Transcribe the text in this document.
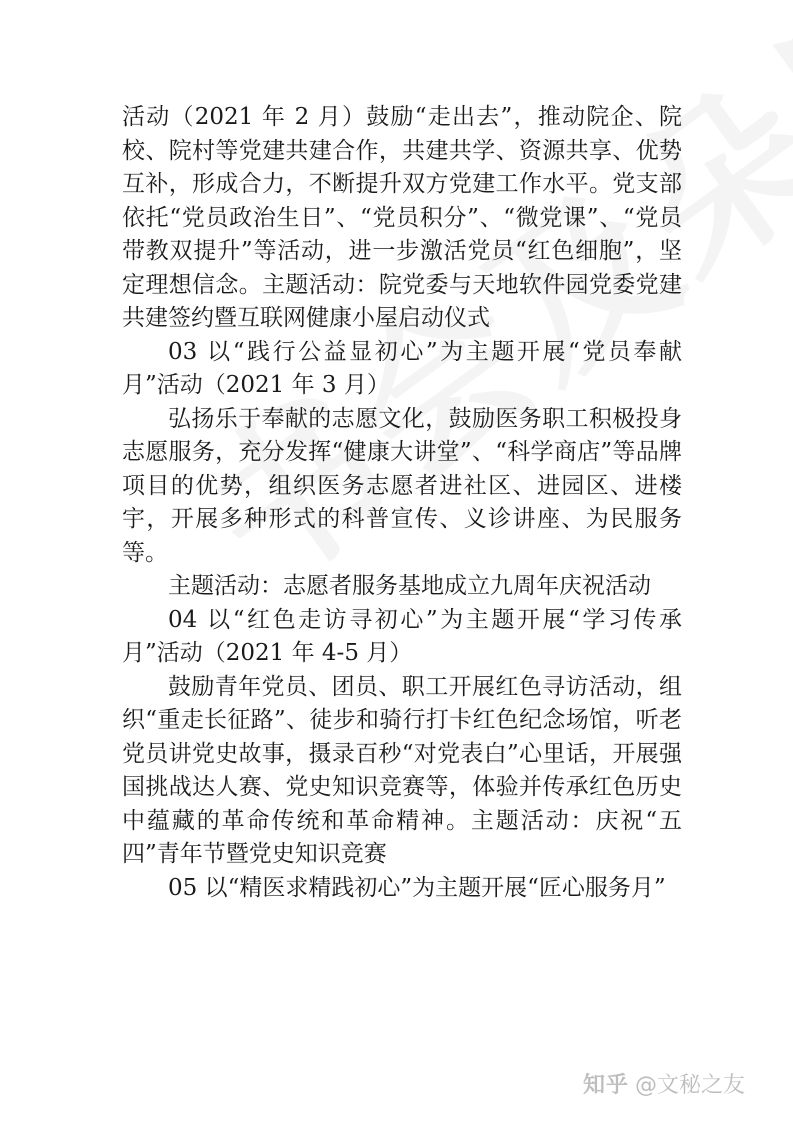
活动（2021 年 2 月）鼓励“走出去”，推动院企、院校、院村等党建共建合作，共建共学、资源共享、优势互补，形成合力，不断提升双方党建工作水平。党支部依托“党员政治生日”、“党员积分”、“微党课”、“党员带教双提升”等活动，进一步激活党员“红色细胞”，坚定理想信念。主题活动：院党委与天地软件园党委党建共建签约暨互联网健康小屋启动仪式

03 以“践行公益显初心”为主题开展“党员奉献月”活动（2021 年 3 月）

弘扬乐于奉献的志愿文化，鼓励医务职工积极投身志愿服务，充分发挥“健康大讲堂”、“科学商店”等品牌项目的优势，组织医务志愿者进社区、进园区、进楼宇，开展多种形式的科普宣传、义诊讲座、为民服务等。

主题活动：志愿者服务基地成立九周年庆祝活动

04 以“红色走访寻初心”为主题开展“学习传承月”活动（2021 年 4-5 月）

鼓励青年党员、团员、职工开展红色寻访活动，组织“重走长征路”、徒步和骑行打卡红色纪念场馆，听老党员讲党史故事，摄录百秒“对党表白”心里话，开展强国挑战达人赛、党史知识竞赛等，体验并传承红色历史中蕴藏的革命传统和革命精神。主题活动：庆祝“五四”青年节暨党史知识竞赛

05 以“精医求精践初心”为主题开展“匠心服务月”

知乎 @文秘之友
